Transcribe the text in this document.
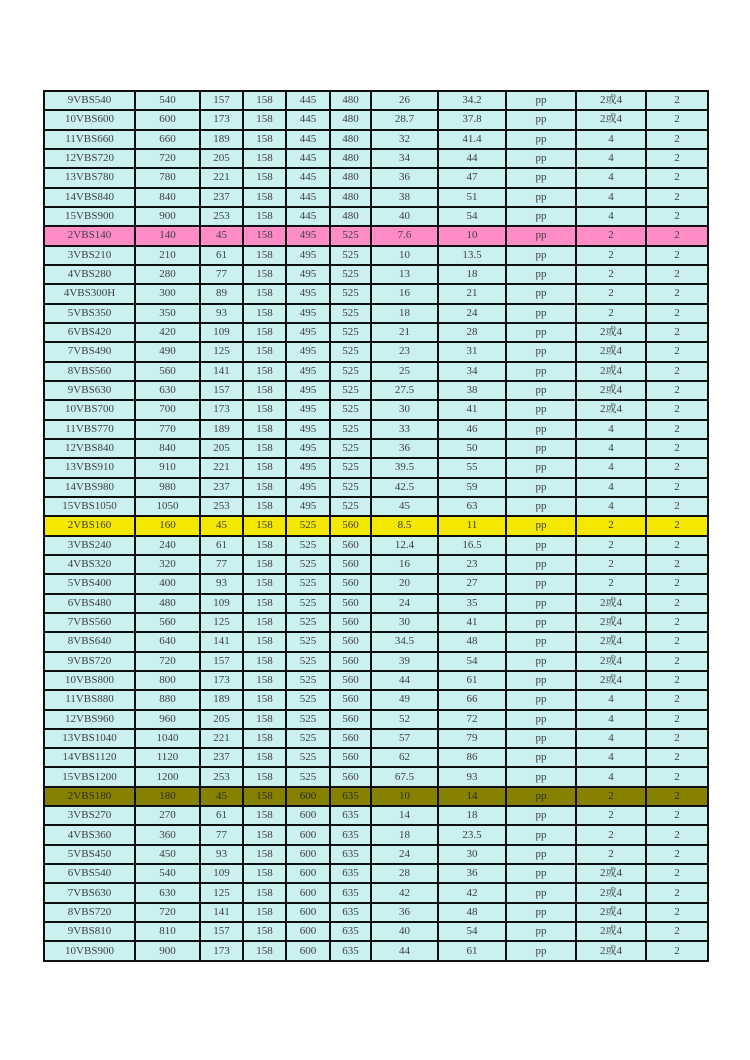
9VBS540	540	157	158	445	480	26	34.2	pp	2或4	2
10VBS600	600	173	158	445	480	28.7	37.8	pp	2或4	2
11VBS660	660	189	158	445	480	32	41.4	pp	4	2
12VBS720	720	205	158	445	480	34	44	pp	4	2
13VBS780	780	221	158	445	480	36	47	pp	4	2
14VBS840	840	237	158	445	480	38	51	pp	4	2
15VBS900	900	253	158	445	480	40	54	pp	4	2
2VBS140	140	45	158	495	525	7.6	10	pp	2	2
3VBS210	210	61	158	495	525	10	13.5	pp	2	2
4VBS280	280	77	158	495	525	13	18	pp	2	2
4VBS300H	300	89	158	495	525	16	21	pp	2	2
5VBS350	350	93	158	495	525	18	24	pp	2	2
6VBS420	420	109	158	495	525	21	28	pp	2或4	2
7VBS490	490	125	158	495	525	23	31	pp	2或4	2
8VBS560	560	141	158	495	525	25	34	pp	2或4	2
9VBS630	630	157	158	495	525	27.5	38	pp	2或4	2
10VBS700	700	173	158	495	525	30	41	pp	2或4	2
11VBS770	770	189	158	495	525	33	46	pp	4	2
12VBS840	840	205	158	495	525	36	50	pp	4	2
13VBS910	910	221	158	495	525	39.5	55	pp	4	2
14VBS980	980	237	158	495	525	42.5	59	pp	4	2
15VBS1050	1050	253	158	495	525	45	63	pp	4	2
2VBS160	160	45	158	525	560	8.5	11	pp	2	2
3VBS240	240	61	158	525	560	12.4	16.5	pp	2	2
4VBS320	320	77	158	525	560	16	23	pp	2	2
5VBS400	400	93	158	525	560	20	27	pp	2	2
6VBS480	480	109	158	525	560	24	35	pp	2或4	2
7VBS560	560	125	158	525	560	30	41	pp	2或4	2
8VBS640	640	141	158	525	560	34.5	48	pp	2或4	2
9VBS720	720	157	158	525	560	39	54	pp	2或4	2
10VBS800	800	173	158	525	560	44	61	pp	2或4	2
11VBS880	880	189	158	525	560	49	66	pp	4	2
12VBS960	960	205	158	525	560	52	72	pp	4	2
13VBS1040	1040	221	158	525	560	57	79	pp	4	2
14VBS1120	1120	237	158	525	560	62	86	pp	4	2
15VBS1200	1200	253	158	525	560	67.5	93	pp	4	2
2VBS180	180	45	158	600	635	10	14	pp	2	2
3VBS270	270	61	158	600	635	14	18	pp	2	2
4VBS360	360	77	158	600	635	18	23.5	pp	2	2
5VBS450	450	93	158	600	635	24	30	pp	2	2
6VBS540	540	109	158	600	635	28	36	pp	2或4	2
7VBS630	630	125	158	600	635	42	42	pp	2或4	2
8VBS720	720	141	158	600	635	36	48	pp	2或4	2
9VBS810	810	157	158	600	635	40	54	pp	2或4	2
10VBS900	900	173	158	600	635	44	61	pp	2或4	2
